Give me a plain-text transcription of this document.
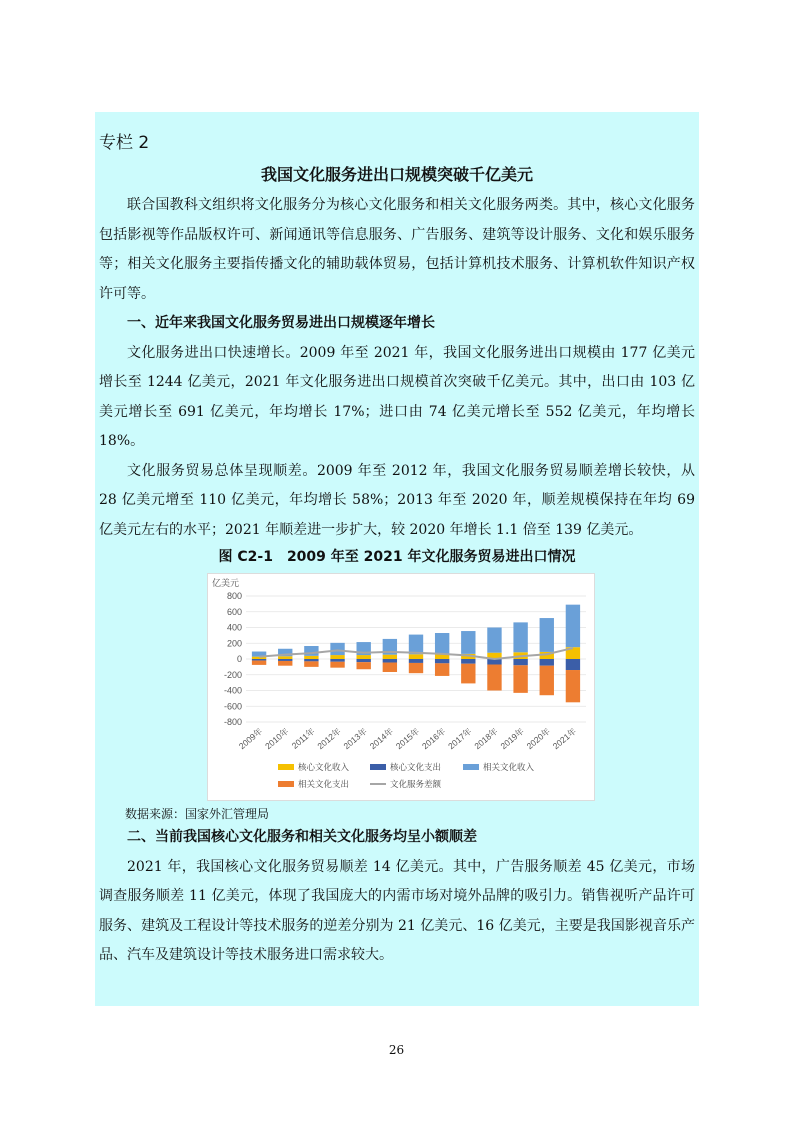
专栏 2
我国文化服务进出口规模突破千亿美元

联合国教科文组织将文化服务分为核心文化服务和相关文化服务两类。其中，核心文化服务包括影视等作品版权许可、新闻通讯等信息服务、广告服务、建筑等设计服务、文化和娱乐服务等；相关文化服务主要指传播文化的辅助载体贸易，包括计算机技术服务、计算机软件知识产权许可等。

一、近年来我国文化服务贸易进出口规模逐年增长

文化服务进出口快速增长。2009 年至 2021 年，我国文化服务进出口规模由 177 亿美元增长至 1244 亿美元，2021 年文化服务进出口规模首次突破千亿美元。其中，出口由 103 亿美元增长至 691 亿美元，年均增长 17%；进口由 74 亿美元增长至 552 亿美元，年均增长 18%。

文化服务贸易总体呈现顺差。2009 年至 2012 年，我国文化服务贸易顺差增长较快，从 28 亿美元增至 110 亿美元，年均增长 58%；2013 年至 2020 年，顺差规模保持在年均 69 亿美元左右的水平；2021 年顺差进一步扩大，较 2020 年增长 1.1 倍至 139 亿美元。

图 C2-1　2009 年至 2021 年文化服务贸易进出口情况
亿美元
800
600
400
200
0
-200
-400
-600
-800
2009年
2010年 2011年
2012年
2013年
2014年
2015年
2016年
2017年
2018年
2019年
2020年
2021年
核心文化收入	核心文化支出	相关文化收入
相关文化支出	文化服务差额
数据来源：国家外汇管理局
二、当前我国核心文化服务和相关文化服务均呈小额顺差

2021 年，我国核心文化服务贸易顺差 14 亿美元。其中，广告服务顺差 45 亿美元，市场调查服务顺差 11 亿美元，体现了我国庞大的内需市场对境外品牌的吸引力。销售视听产品许可服务、建筑及工程设计等技术服务的逆差分别为 21 亿美元、16 亿美元，主要是我国影视音乐产品、汽车及建筑设计等技术服务进口需求较大。

26
